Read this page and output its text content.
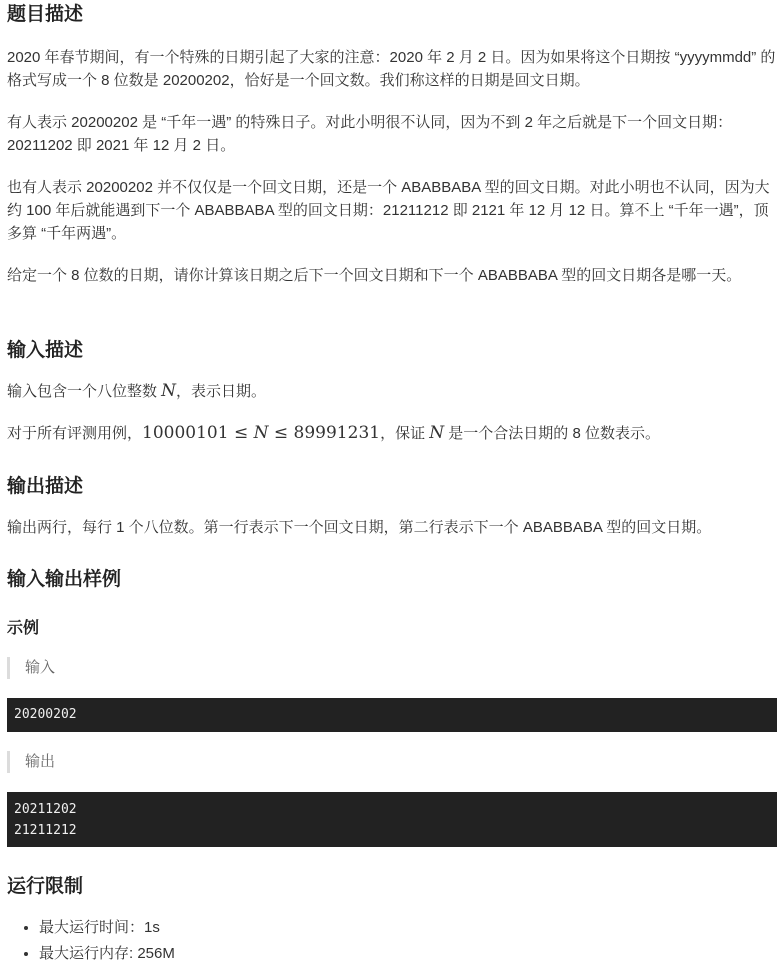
题目描述

2020 年春节期间，有一个特殊的日期引起了大家的注意：2020 年 2 月 2 日。因为如果将这个日期按 “yyyymmdd” 的格式写成一个 8 位数是 20200202，恰好是一个回文数。我们称这样的日期是回文日期。

有人表示 20200202 是 “千年一遇” 的特殊日子。对此小明很不认同，因为不到 2 年之后就是下一个回文日期：20211202 即 2021 年 12 月 2 日。

也有人表示 20200202 并不仅仅是一个回文日期，还是一个 ABABBABA 型的回文日期。对此小明也不认同，因为大约 100 年后就能遇到下一个 ABABBABA 型的回文日期：21211212 即 2121 年 12 月 12 日。算不上 “千年一遇”，顶多算 “千年两遇”。

给定一个 8 位数的日期，请你计算该日期之后下一个回文日期和下一个 ABABBABA 型的回文日期各是哪一天。

输入描述

输入包含一个八位整数 N，表示日期。

对于所有评测用例，10000101 ≤ N ≤ 89991231，保证 N 是一个合法日期的 8 位数表示。

输出描述

输出两行，每行 1 个八位数。第一行表示下一个回文日期，第二行表示下一个 ABABBABA 型的回文日期。

输入输出样例
示例
输入
20200202
输出
20211202
21211212
运行限制
• 最大运行时间：1s
• 最大运行内存: 256M
